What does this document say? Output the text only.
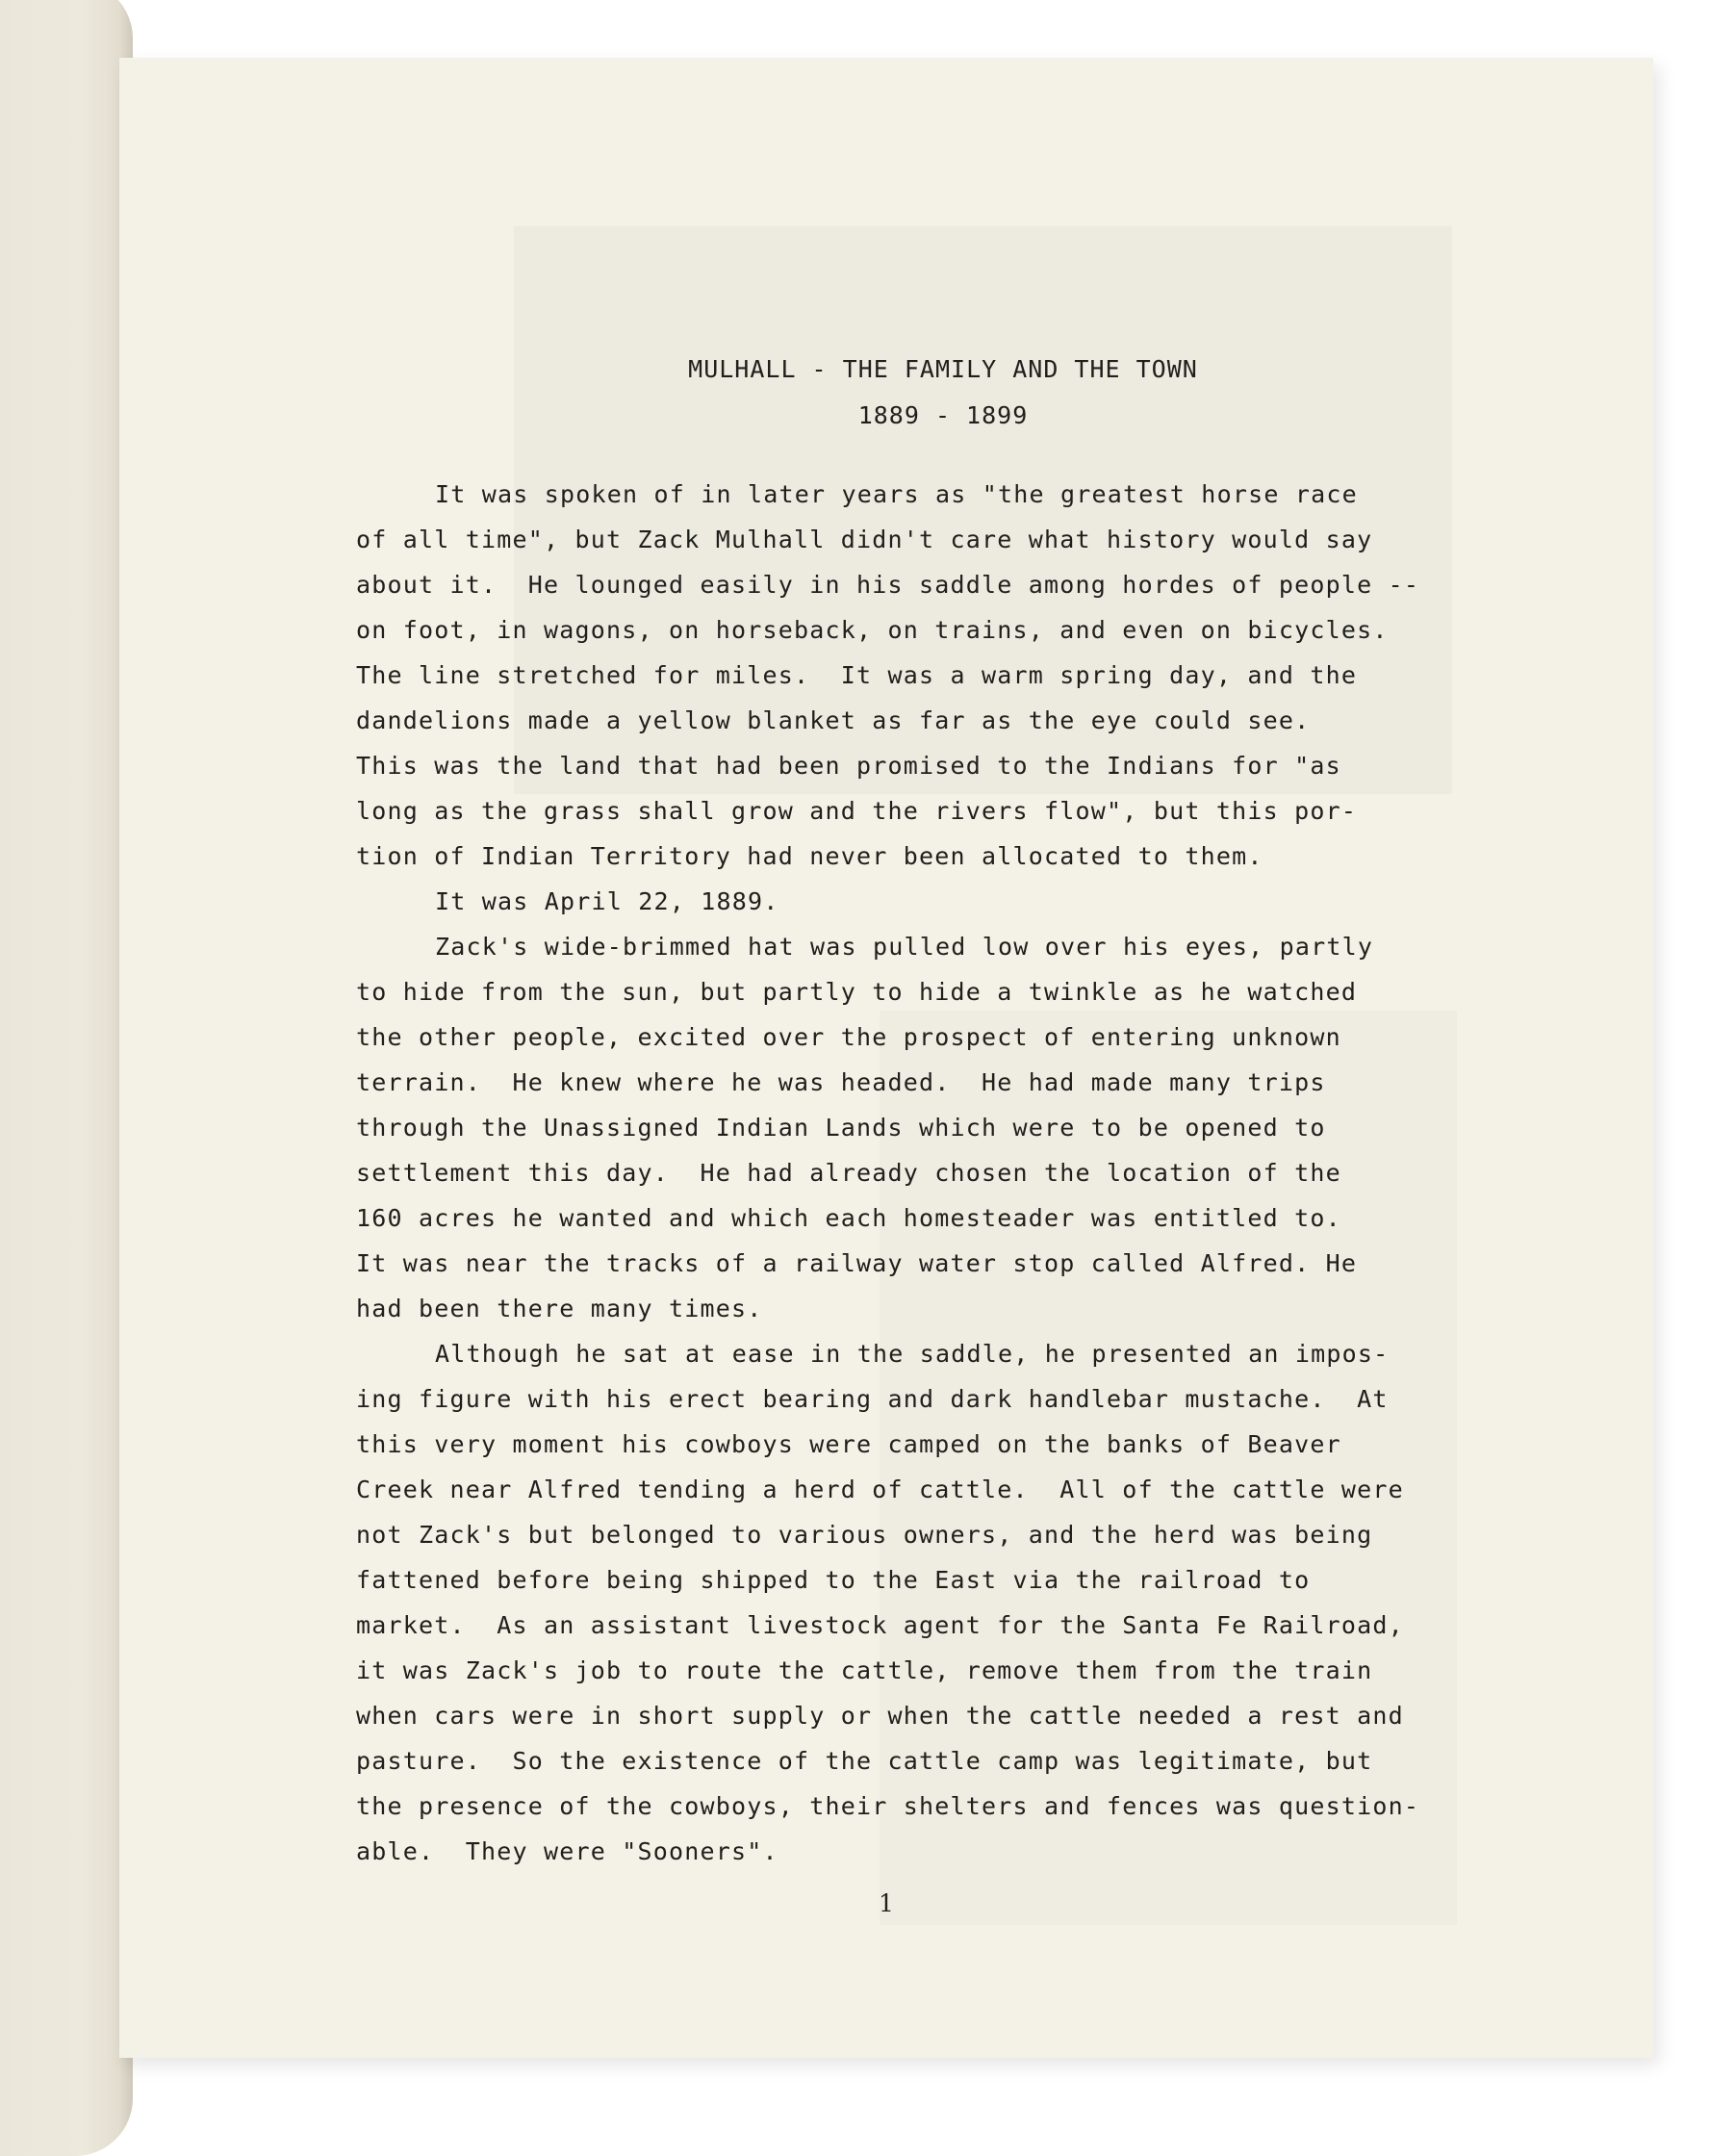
MULHALL - THE FAMILY AND THE TOWN
1889 - 1899
It was spoken of in later years as "the greatest horse race
of all time", but Zack Mulhall didn't care what history would say
about it.  He lounged easily in his saddle among hordes of people --
on foot, in wagons, on horseback, on trains, and even on bicycles.
The line stretched for miles.  It was a warm spring day, and the
dandelions made a yellow blanket as far as the eye could see.
This was the land that had been promised to the Indians for "as
long as the grass shall grow and the rivers flow", but this por-
tion of Indian Territory had never been allocated to them.
It was April 22, 1889.
Zack's wide-brimmed hat was pulled low over his eyes, partly
to hide from the sun, but partly to hide a twinkle as he watched
the other people, excited over the prospect of entering unknown
terrain.  He knew where he was headed.  He had made many trips
through the Unassigned Indian Lands which were to be opened to
settlement this day.  He had already chosen the location of the
160 acres he wanted and which each homesteader was entitled to.
It was near the tracks of a railway water stop called Alfred. He
had been there many times.
Although he sat at ease in the saddle, he presented an impos-
ing figure with his erect bearing and dark handlebar mustache.  At
this very moment his cowboys were camped on the banks of Beaver
Creek near Alfred tending a herd of cattle.  All of the cattle were
not Zack's but belonged to various owners, and the herd was being
fattened before being shipped to the East via the railroad to
market.  As an assistant livestock agent for the Santa Fe Railroad,
it was Zack's job to route the cattle, remove them from the train
when cars were in short supply or when the cattle needed a rest and
pasture.  So the existence of the cattle camp was legitimate, but
the presence of the cowboys, their shelters and fences was question-
able.  They were "Sooners".
1
